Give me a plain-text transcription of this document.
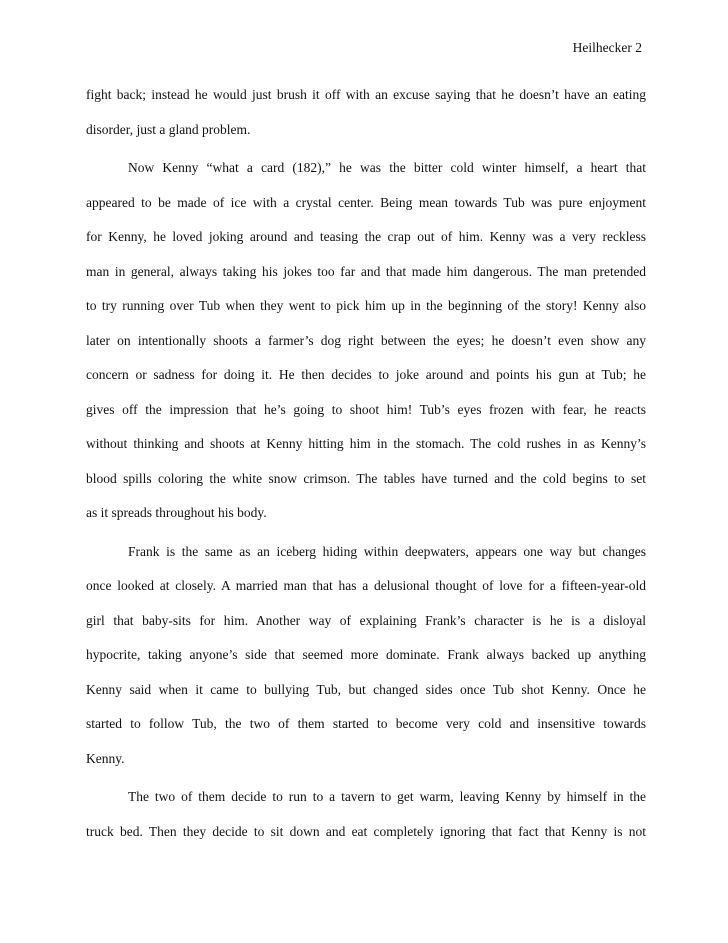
Heilhecker 2
fight back; instead he would just brush it off with an excuse saying that he doesn’t have an eating
disorder, just a gland problem.
Now Kenny “what a card (182),” he was the bitter cold winter himself, a heart that
appeared to be made of ice with a crystal center. Being mean towards Tub was pure enjoyment
for Kenny, he loved joking around and teasing the crap out of him. Kenny was a very reckless
man in general, always taking his jokes too far and that made him dangerous. The man pretended
to try running over Tub when they went to pick him up in the beginning of the story! Kenny also
later on intentionally shoots a farmer’s dog right between the eyes; he doesn’t even show any
concern or sadness for doing it. He then decides to joke around and points his gun at Tub; he
gives off the impression that he’s going to shoot him! Tub’s eyes frozen with fear, he reacts
without thinking and shoots at Kenny hitting him in the stomach. The cold rushes in as Kenny’s
blood spills coloring the white snow crimson. The tables have turned and the cold begins to set
as it spreads throughout his body.
Frank is the same as an iceberg hiding within deepwaters, appears one way but changes
once looked at closely. A married man that has a delusional thought of love for a fifteen-year-old
girl that baby-sits for him. Another way of explaining Frank’s character is he is a disloyal
hypocrite, taking anyone’s side that seemed more dominate. Frank always backed up anything
Kenny said when it came to bullying Tub, but changed sides once Tub shot Kenny. Once he
started to follow Tub, the two of them started to become very cold and insensitive towards
Kenny.
The two of them decide to run to a tavern to get warm, leaving Kenny by himself in the
truck bed. Then they decide to sit down and eat completely ignoring that fact that Kenny is not
